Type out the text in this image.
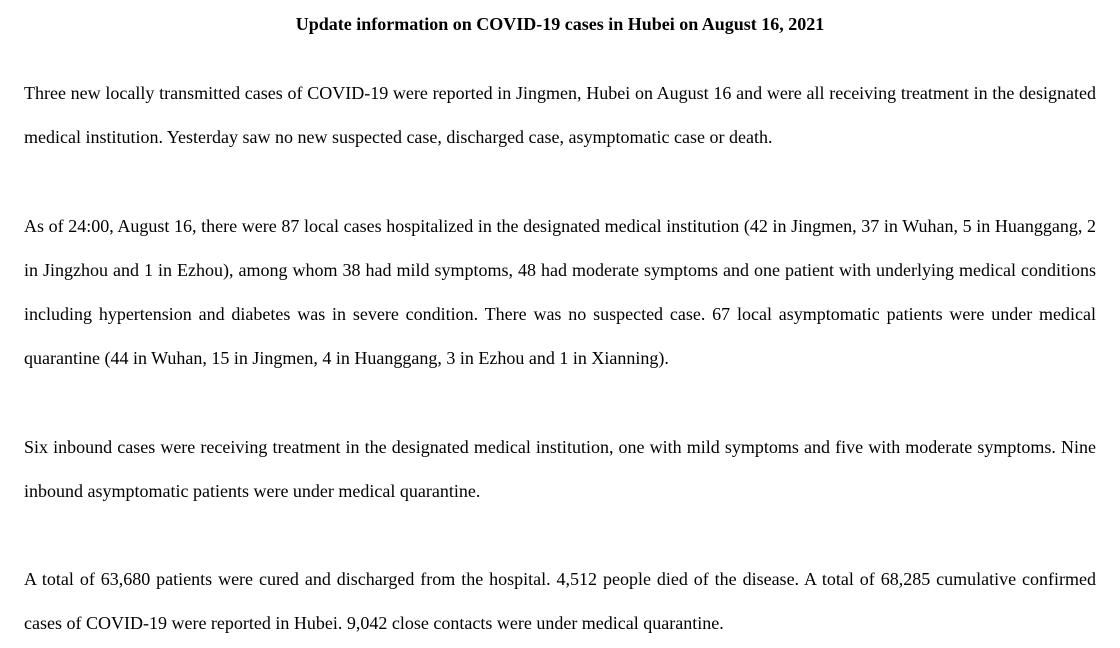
Update information on COVID-19 cases in Hubei on August 16, 2021

Three new locally transmitted cases of COVID-19 were reported in Jingmen, Hubei on August 16 and were all receiving treatment in the designated medical institution. Yesterday saw no new suspected case, discharged case, asymptomatic case or death.

As of 24:00, August 16, there were 87 local cases hospitalized in the designated medical institution (42 in Jingmen, 37 in Wuhan, 5 in Huanggang, 2 in Jingzhou and 1 in Ezhou), among whom 38 had mild symptoms, 48 had moderate symptoms and one patient with underlying medical conditions including hypertension and diabetes was in severe condition. There was no suspected case. 67 local asymptomatic patients were under medical quarantine (44 in Wuhan, 15 in Jingmen, 4 in Huanggang, 3 in Ezhou and 1 in Xianning).

Six inbound cases were receiving treatment in the designated medical institution, one with mild symptoms and five with moderate symptoms. Nine inbound asymptomatic patients were under medical quarantine.

A total of 63,680 patients were cured and discharged from the hospital. 4,512 people died of the disease. A total of 68,285 cumulative confirmed cases of COVID-19 were reported in Hubei. 9,042 close contacts were under medical quarantine.
